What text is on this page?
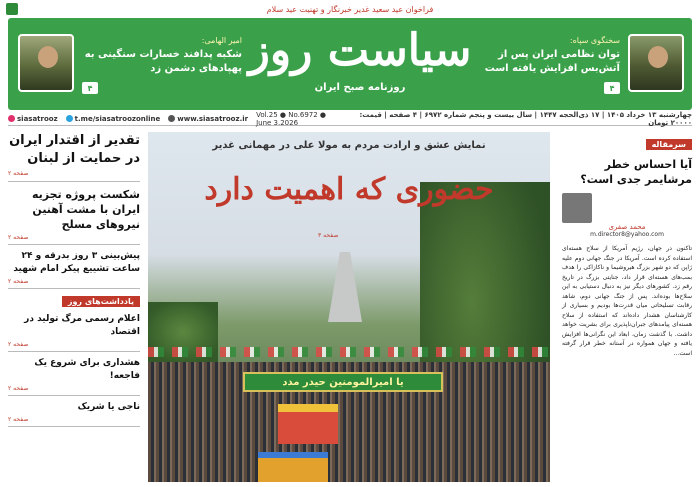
فراخوان عید سعید غدیر خبرنگار و تهنیت عید سلام
سخنگوی سپاه:
توان نظامی ایران پس از آتش‌بس افزایش یافته است
۴
سیاست روز
روزنامه صبح ایران
امیر الهامی:
شکبه پدافند خسارات سنگینی به پهپادهای دشمن زد
۴
چهارشنبه ۱۳ خرداد ۱۴۰۵ | ۱۷ ذی‌الحجه ۱۴۴۷ | سال بیست و پنجم شماره ۶۹۷۲ | ۴ صفحه | قیمت: ۲۰۰۰۰ تومان
siasatrooz t.me/siasatroozonline www.siasatrooz.ir Vol.25 ● No.6972 ● June 3.2026
سرمقاله
آیا احساس خطر مرشایمر جدی است؟
محمد صفری
m.director8@yahoo.com
تاکنون در جهان، رژیم آمریکا از سلاح هسته‌ای استفاده کرده است. آمریکا در جنگ جهانی دوم علیه ژاپن که دو شهر بزرگ هیروشیما و ناکازاکی را هدف بمب‌های هسته‌ای قرار داد، جنایتی بزرگ در تاریخ رقم زد. کشورهای دیگر نیز به دنبال دستیابی به این سلاح‌ها بوده‌اند. پس از جنگ جهانی دوم، شاهد رقابت تسلیحاتی میان قدرت‌ها بودیم و بسیاری از کارشناسان هشدار داده‌اند که استفاده از سلاح هسته‌ای پیامدهای جبران‌ناپذیری برای بشریت خواهد داشت. با گذشت زمان، ابعاد این نگرانی‌ها افزایش یافته و جهان همواره در آستانه خطر قرار گرفته است...
یا امیرالمومنین حیدر مدد
نمایش عشق و ارادت مردم به مولا علی در مهمانی غدیر
حضوری که اهمیت دارد
صفحه ۳
تقدیر از اقتدار ایران در حمایت از لبنان
صفحه ۲
شکست پروژه تجزیه ایران با مشت آهنین نیروهای مسلح
صفحه ۲
پیش‌بینی ۳ روز بدرقه و ۲۴ ساعت تشییع پیکر امام شهید
صفحه ۲
یادداشت‌های روز
اعلام رسمی مرگ تولید در اقتصاد
صفحه ۲
هشداری برای شروع یک فاجعه!
صفحه ۲
ناجی یا شریک
صفحه ۲
